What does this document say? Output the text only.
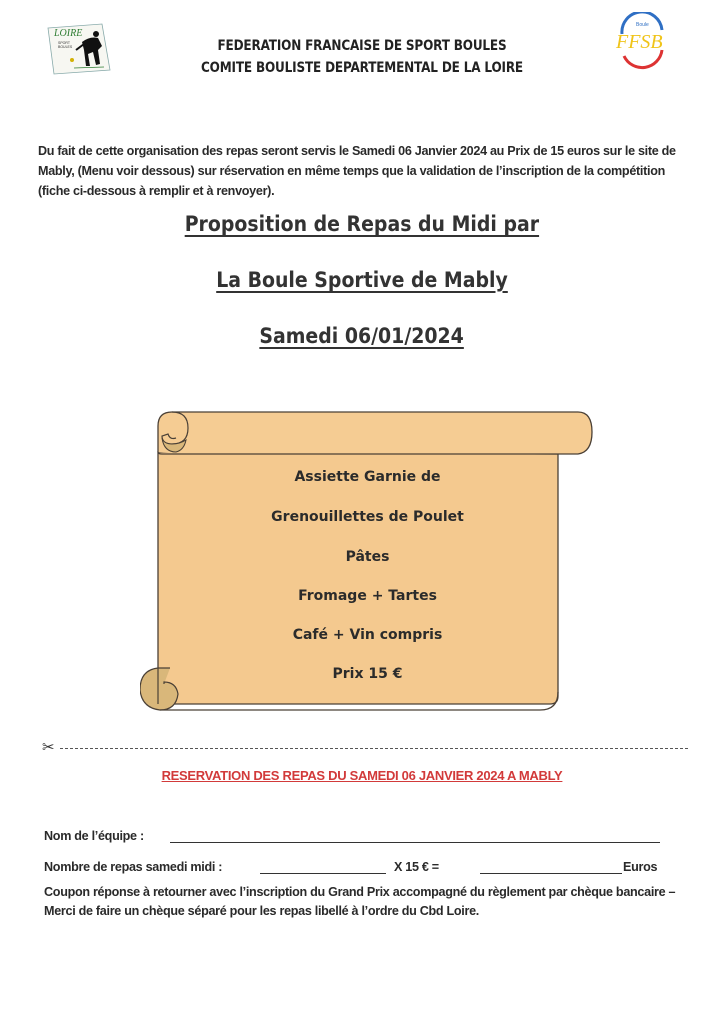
LOIRE
SPORT
BOULES
Boule
FFSB
FEDERATION FRANCAISE DE SPORT BOULES
COMITE BOULISTE DEPARTEMENTAL DE LA LOIRE
Du fait de cette organisation des repas seront servis le Samedi 06 Janvier 2024 au Prix de 15 euros sur le site de Mably, (Menu voir dessous) sur réservation en même temps que la validation de l’inscription de la compétition (fiche ci-dessous à remplir et à renvoyer).
Proposition de Repas du Midi par
La Boule Sportive de Mably
Samedi 06/01/2024
Assiette Garnie de
Grenouillettes de Poulet
Pâtes
Fromage + Tartes
Café + Vin compris
Prix 15 €
✂
RESERVATION DES REPAS DU SAMEDI 06 JANVIER 2024 A MABLY
Nom de l’équipe :
Nombre de repas samedi midi :	X 15 € =	Euros
Coupon réponse à retourner avec l’inscription du Grand Prix accompagné du règlement par chèque bancaire – Merci de faire un chèque séparé pour les repas libellé à l’ordre du Cbd Loire.
